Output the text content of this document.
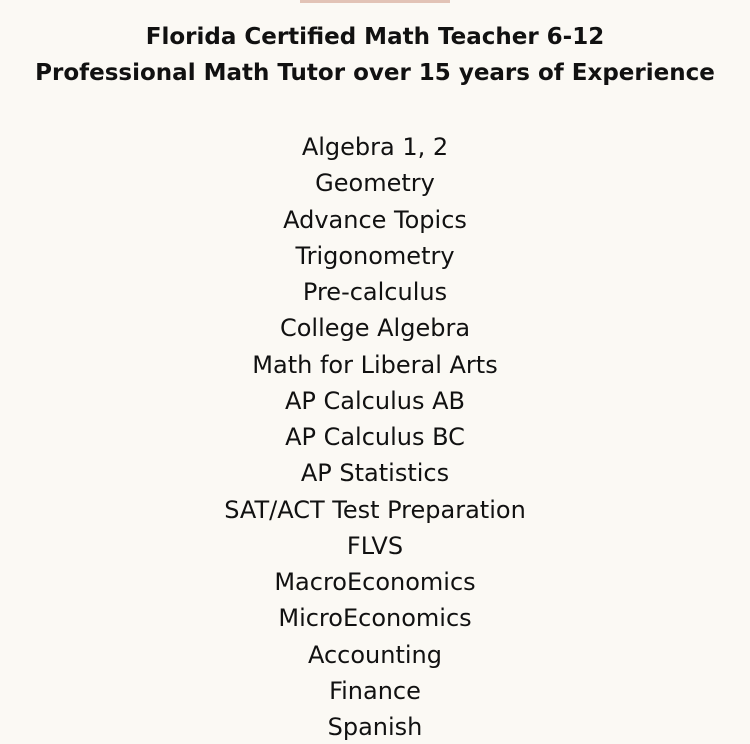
Florida Certified Math Teacher 6-12
Professional Math Tutor over 15 years of Experience
Algebra 1, 2
Geometry
Advance Topics
Trigonometry
Pre-calculus
College Algebra
Math for Liberal Arts
AP Calculus AB
AP Calculus BC
AP Statistics
SAT/ACT Test Preparation
FLVS
MacroEconomics
MicroEconomics
Accounting
Finance
Spanish
